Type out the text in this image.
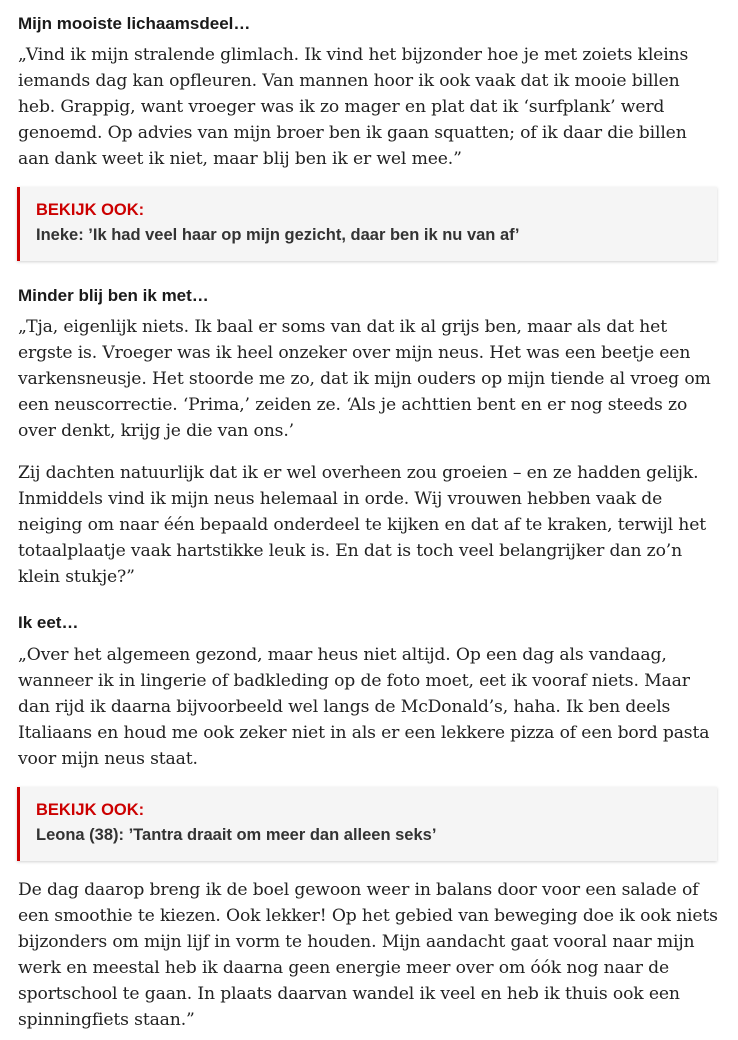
Mijn mooiste lichaamsdeel…

„Vind ik mijn stralende glimlach. Ik vind het bijzonder hoe je met zoiets kleins iemands dag kan opfleuren. Van mannen hoor ik ook vaak dat ik mooie billen heb. Grappig, want vroeger was ik zo mager en plat dat ik ‘surfplank’ werd genoemd. Op advies van mijn broer ben ik gaan squatten; of ik daar die billen aan dank weet ik niet, maar blij ben ik er wel mee.”

BEKIJK OOK:
Ineke: ’Ik had veel haar op mijn gezicht, daar ben ik nu van af’
Minder blij ben ik met…

„Tja, eigenlijk niets. Ik baal er soms van dat ik al grijs ben, maar als dat het ergste is. Vroeger was ik heel onzeker over mijn neus. Het was een beetje een varkensneusje. Het stoorde me zo, dat ik mijn ouders op mijn tiende al vroeg om een neuscorrectie. ‘Prima,’ zeiden ze. ‘Als je achttien bent en er nog steeds zo over denkt, krijg je die van ons.’

Zij dachten natuurlijk dat ik er wel overheen zou groeien – en ze hadden gelijk. Inmiddels vind ik mijn neus helemaal in orde. Wij vrouwen hebben vaak de neiging om naar één bepaald onderdeel te kijken en dat af te kraken, terwijl het totaalplaatje vaak hartstikke leuk is. En dat is toch veel belangrijker dan zo’n klein stukje?”

Ik eet…

„Over het algemeen gezond, maar heus niet altijd. Op een dag als vandaag, wanneer ik in lingerie of badkleding op de foto moet, eet ik vooraf niets. Maar dan rijd ik daarna bijvoorbeeld wel langs de McDonald’s, haha. Ik ben deels Italiaans en houd me ook zeker niet in als er een lekkere pizza of een bord pasta voor mijn neus staat.

BEKIJK OOK:
Leona (38): ’Tantra draait om meer dan alleen seks’

De dag daarop breng ik de boel gewoon weer in balans door voor een salade of een smoothie te kiezen. Ook lekker! Op het gebied van beweging doe ik ook niets bijzonders om mijn lijf in vorm te houden. Mijn aandacht gaat vooral naar mijn werk en meestal heb ik daarna geen energie meer over om óók nog naar de sportschool te gaan. In plaats daarvan wandel ik veel en heb ik thuis ook een spinningfiets staan.”
